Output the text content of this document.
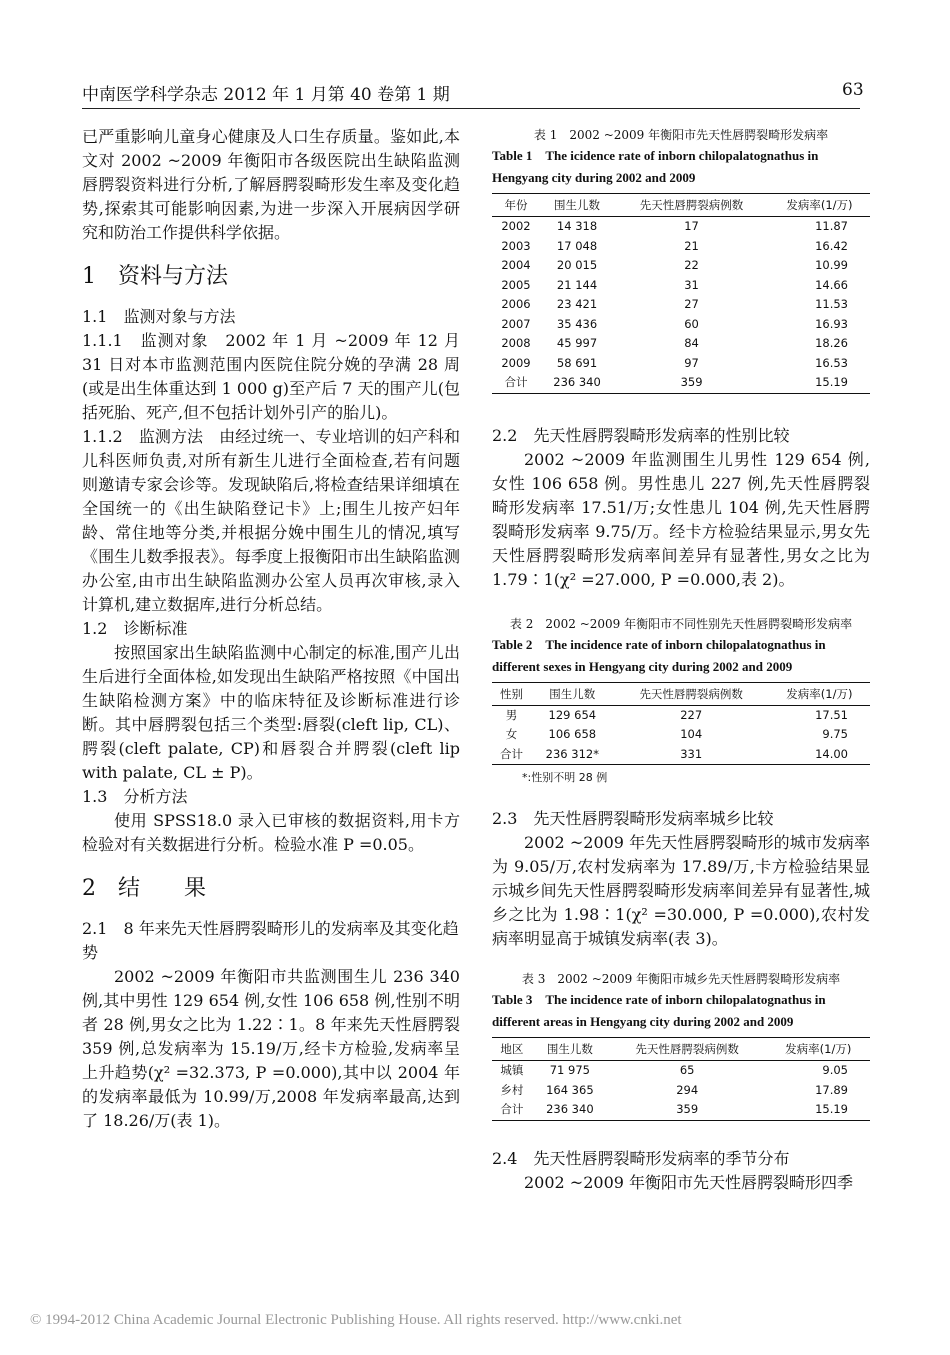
中南医学科学杂志 2012 年 1 月第 40 卷第 1 期	63

已严重影响儿童身心健康及人口生存质量。鉴如此,本文对 2002 ~2009 年衡阳市各级医院出生缺陷监测唇腭裂资料进行分析,了解唇腭裂畸形发生率及变化趋势,探索其可能影响因素,为进一步深入开展病因学研究和防治工作提供科学依据。

1　资料与方法

1.1　监测对象与方法

1.1.1　监测对象　2002 年 1 月 ~2009 年 12 月 31 日对本市监测范围内医院住院分娩的孕满 28 周(或是出生体重达到 1 000 g)至产后 7 天的围产儿(包括死胎、死产,但不包括计划外引产的胎儿)。

1.1.2　监测方法　由经过统一、专业培训的妇产科和儿科医师负责,对所有新生儿进行全面检查,若有问题则邀请专家会诊等。发现缺陷后,将检查结果详细填在全国统一的《出生缺陷登记卡》上;围生儿按产妇年龄、常住地等分类,并根据分娩中围生儿的情况,填写《围生儿数季报表》。每季度上报衡阳市出生缺陷监测办公室,由市出生缺陷监测办公室人员再次审核,录入计算机,建立数据库,进行分析总结。

1.2　诊断标准

按照国家出生缺陷监测中心制定的标准,围产儿出生后进行全面体检,如发现出生缺陷严格按照《中国出生缺陷检测方案》中的临床特征及诊断标准进行诊断。其中唇腭裂包括三个类型:唇裂(cleft lip, CL)、腭裂(cleft palate, CP)和唇裂合并腭裂(cleft lip with palate, CL ± P)。

1.3　分析方法

使用 SPSS18.0 录入已审核的数据资料,用卡方检验对有关数据进行分析。检验水准 P =0.05。

2　结　　果

2.1　8 年来先天性唇腭裂畸形儿的发病率及其变化趋势

2002 ~2009 年衡阳市共监测围生儿 236 340 例,其中男性 129 654 例,女性 106 658 例,性别不明者 28 例,男女之比为 1.22∶1。8 年来先天性唇腭裂 359 例,总发病率为 15.19/万,经卡方检验,发病率呈上升趋势(χ² =32.373, P =0.000),其中以 2004 年的发病率最低为 10.99/万,2008 年发病率最高,达到了 18.26/万(表 1)。

表 1　2002 ~2009 年衡阳市先天性唇腭裂畸形发病率

Table 1　The icidence rate of inborn chilopalatognathus in Hengyang city during 2002 and 2009

年份	围生儿数	先天性唇腭裂病例数	发病率(1/万)
2002	14 318	17	11.87
2003	17 048	21	16.42
2004	20 015	22	10.99
2005	21 144	31	14.66
2006	23 421	27	11.53
2007	35 436	60	16.93
2008	45 997	84	18.26
2009	58 691	97	16.53
合计	236 340	359	15.19

2.2　先天性唇腭裂畸形发病率的性别比较

2002 ~2009 年监测围生儿男性 129 654 例,女性 106 658 例。男性患儿 227 例,先天性唇腭裂畸形发病率 17.51/万;女性患儿 104 例,先天性唇腭裂畸形发病率 9.75/万。经卡方检验结果显示,男女先天性唇腭裂畸形发病率间差异有显著性,男女之比为 1.79∶1(χ² =27.000, P =0.000,表 2)。

表 2　2002 ~2009 年衡阳市不同性别先天性唇腭裂畸形发病率

Table 2　The incidence rate of inborn chilopalatognathus in different sexes in Hengyang city during 2002 and 2009

性别	围生儿数	先天性唇腭裂病例数	发病率(1/万)
男	129 654	227	17.51
女	106 658	104	9.75
合计	236 312*	331	14.00

*:性别不明 28 例

2.3　先天性唇腭裂畸形发病率城乡比较

2002 ~2009 年先天性唇腭裂畸形的城市发病率为 9.05/万,农村发病率为 17.89/万,卡方检验结果显示城乡间先天性唇腭裂畸形发病率间差异有显著性,城乡之比为 1.98∶1(χ² =30.000, P =0.000),农村发病率明显高于城镇发病率(表 3)。

表 3　2002 ~2009 年衡阳市城乡先天性唇腭裂畸形发病率

Table 3　The incidence rate of inborn chilopalatognathus in different areas in Hengyang city during 2002 and 2009

地区	围生儿数	先天性唇腭裂病例数	发病率(1/万)
城镇	71 975	65	9.05
乡村	164 365	294	17.89
合计	236 340	359	15.19

2.4　先天性唇腭裂畸形发病率的季节分布

2002 ~2009 年衡阳市先天性唇腭裂畸形四季

© 1994-2012 China Academic Journal Electronic Publishing House. All rights reserved. http://www.cnki.net
